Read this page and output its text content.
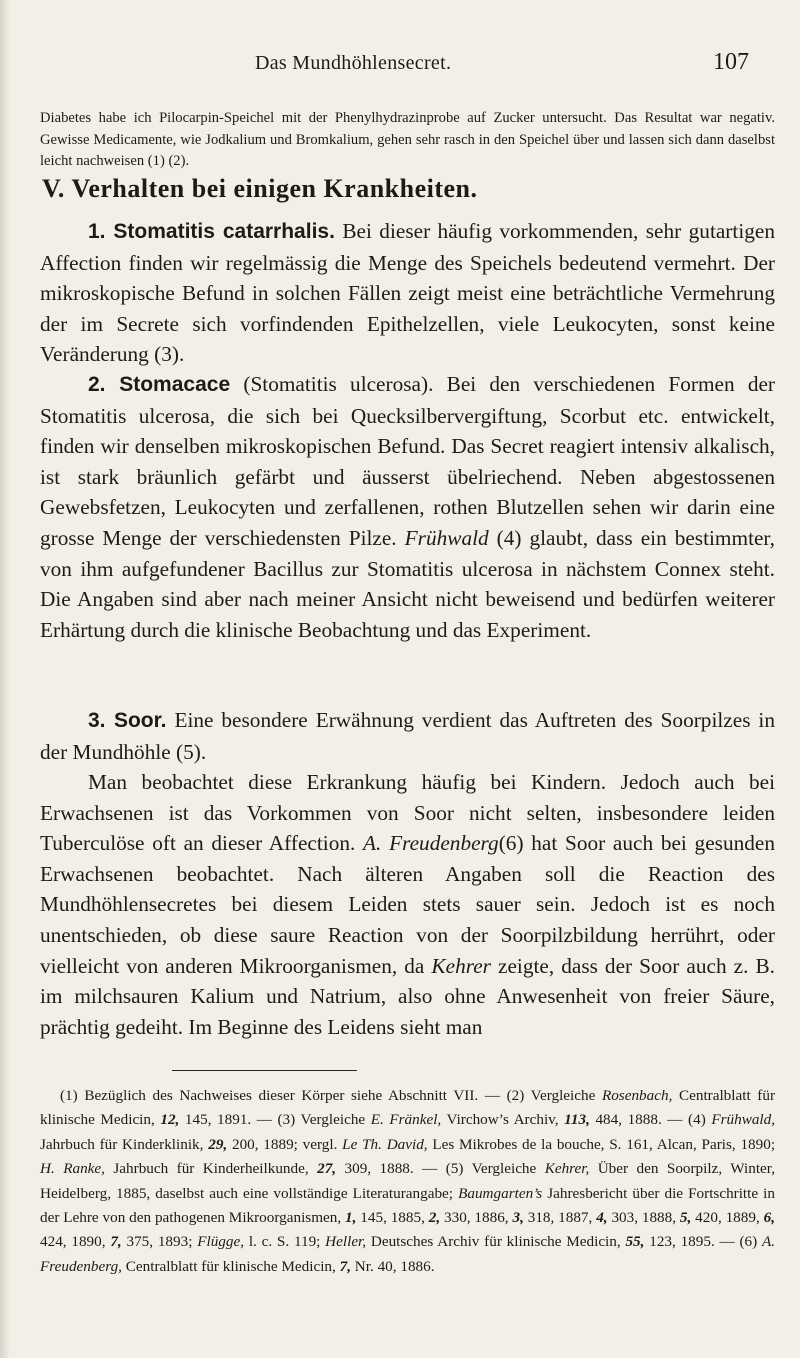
Das Mundhöhlensecret.	107

Diabetes habe ich Pilocarpin-Speichel mit der Phenylhydrazinprobe auf Zucker untersucht. Das Resultat war negativ. Gewisse Medicamente, wie Jodkalium und Bromkalium, gehen sehr rasch in den Speichel über und lassen sich dann daselbst leicht nachweisen (1) (2).

V. Verhalten bei einigen Krankheiten.

1. Stomatitis catarrhalis. Bei dieser häufig vorkommenden, sehr gutartigen Affection finden wir regelmässig die Menge des Speichels bedeutend vermehrt. Der mikroskopische Befund in solchen Fällen zeigt meist eine beträchtliche Vermehrung der im Secrete sich vorfindenden Epithelzellen, viele Leukocyten, sonst keine Veränderung (3).

2. Stomacace (Stomatitis ulcerosa). Bei den verschiedenen Formen der Stomatitis ulcerosa, die sich bei Quecksilbervergiftung, Scorbut etc. entwickelt, finden wir denselben mikroskopischen Befund. Das Secret reagiert intensiv alkalisch, ist stark bräunlich gefärbt und äusserst übelriechend. Neben abgestossenen Gewebsfetzen, Leukocyten und zerfallenen, rothen Blutzellen sehen wir darin eine grosse Menge der verschiedensten Pilze. Frühwald (4) glaubt, dass ein bestimmter, von ihm aufgefundener Bacillus zur Stomatitis ulcerosa in nächstem Connex steht. Die Angaben sind aber nach meiner Ansicht nicht beweisend und bedürfen weiterer Erhärtung durch die klinische Beobachtung und das Experiment.

3. Soor. Eine besondere Erwähnung verdient das Auftreten des Soorpilzes in der Mundhöhle (5).

Man beobachtet diese Erkrankung häufig bei Kindern. Jedoch auch bei Erwachsenen ist das Vorkommen von Soor nicht selten, insbesondere leiden Tuberculöse oft an dieser Affection. A. Freudenberg(6) hat Soor auch bei gesunden Erwachsenen beobachtet. Nach älteren Angaben soll die Reaction des Mundhöhlensecretes bei diesem Leiden stets sauer sein. Jedoch ist es noch unentschieden, ob diese saure Reaction von der Soorpilzbildung herrührt, oder vielleicht von anderen Mikroorganismen, da Kehrer zeigte, dass der Soor auch z. B. im milchsauren Kalium und Natrium, also ohne Anwesenheit von freier Säure, prächtig gedeiht. Im Beginne des Leidens sieht man

(1) Bezüglich des Nachweises dieser Körper siehe Abschnitt VII. — (2) Vergleiche Rosenbach, Centralblatt für klinische Medicin, 12, 145, 1891. — (3) Vergleiche E. Fränkel, Virchow’s Archiv, 113, 484, 1888. — (4) Frühwald, Jahrbuch für Kinderklinik, 29, 200, 1889; vergl. Le Th. David, Les Mikrobes de la bouche, S. 161, Alcan, Paris, 1890; H. Ranke, Jahrbuch für Kinderheilkunde, 27, 309, 1888. — (5) Vergleiche Kehrer, Über den Soorpilz, Winter, Heidelberg, 1885, daselbst auch eine vollständige Literaturangabe; Baumgarten’s Jahresbericht über die Fortschritte in der Lehre von den pathogenen Mikroorganismen, 1, 145, 1885, 2, 330, 1886, 3, 318, 1887, 4, 303, 1888, 5, 420, 1889, 6, 424, 1890, 7, 375, 1893; Flügge, l. c. S. 119; Heller, Deutsches Archiv für klinische Medicin, 55, 123, 1895. — (6) A. Freudenberg, Centralblatt für klinische Medicin, 7, Nr. 40, 1886.
